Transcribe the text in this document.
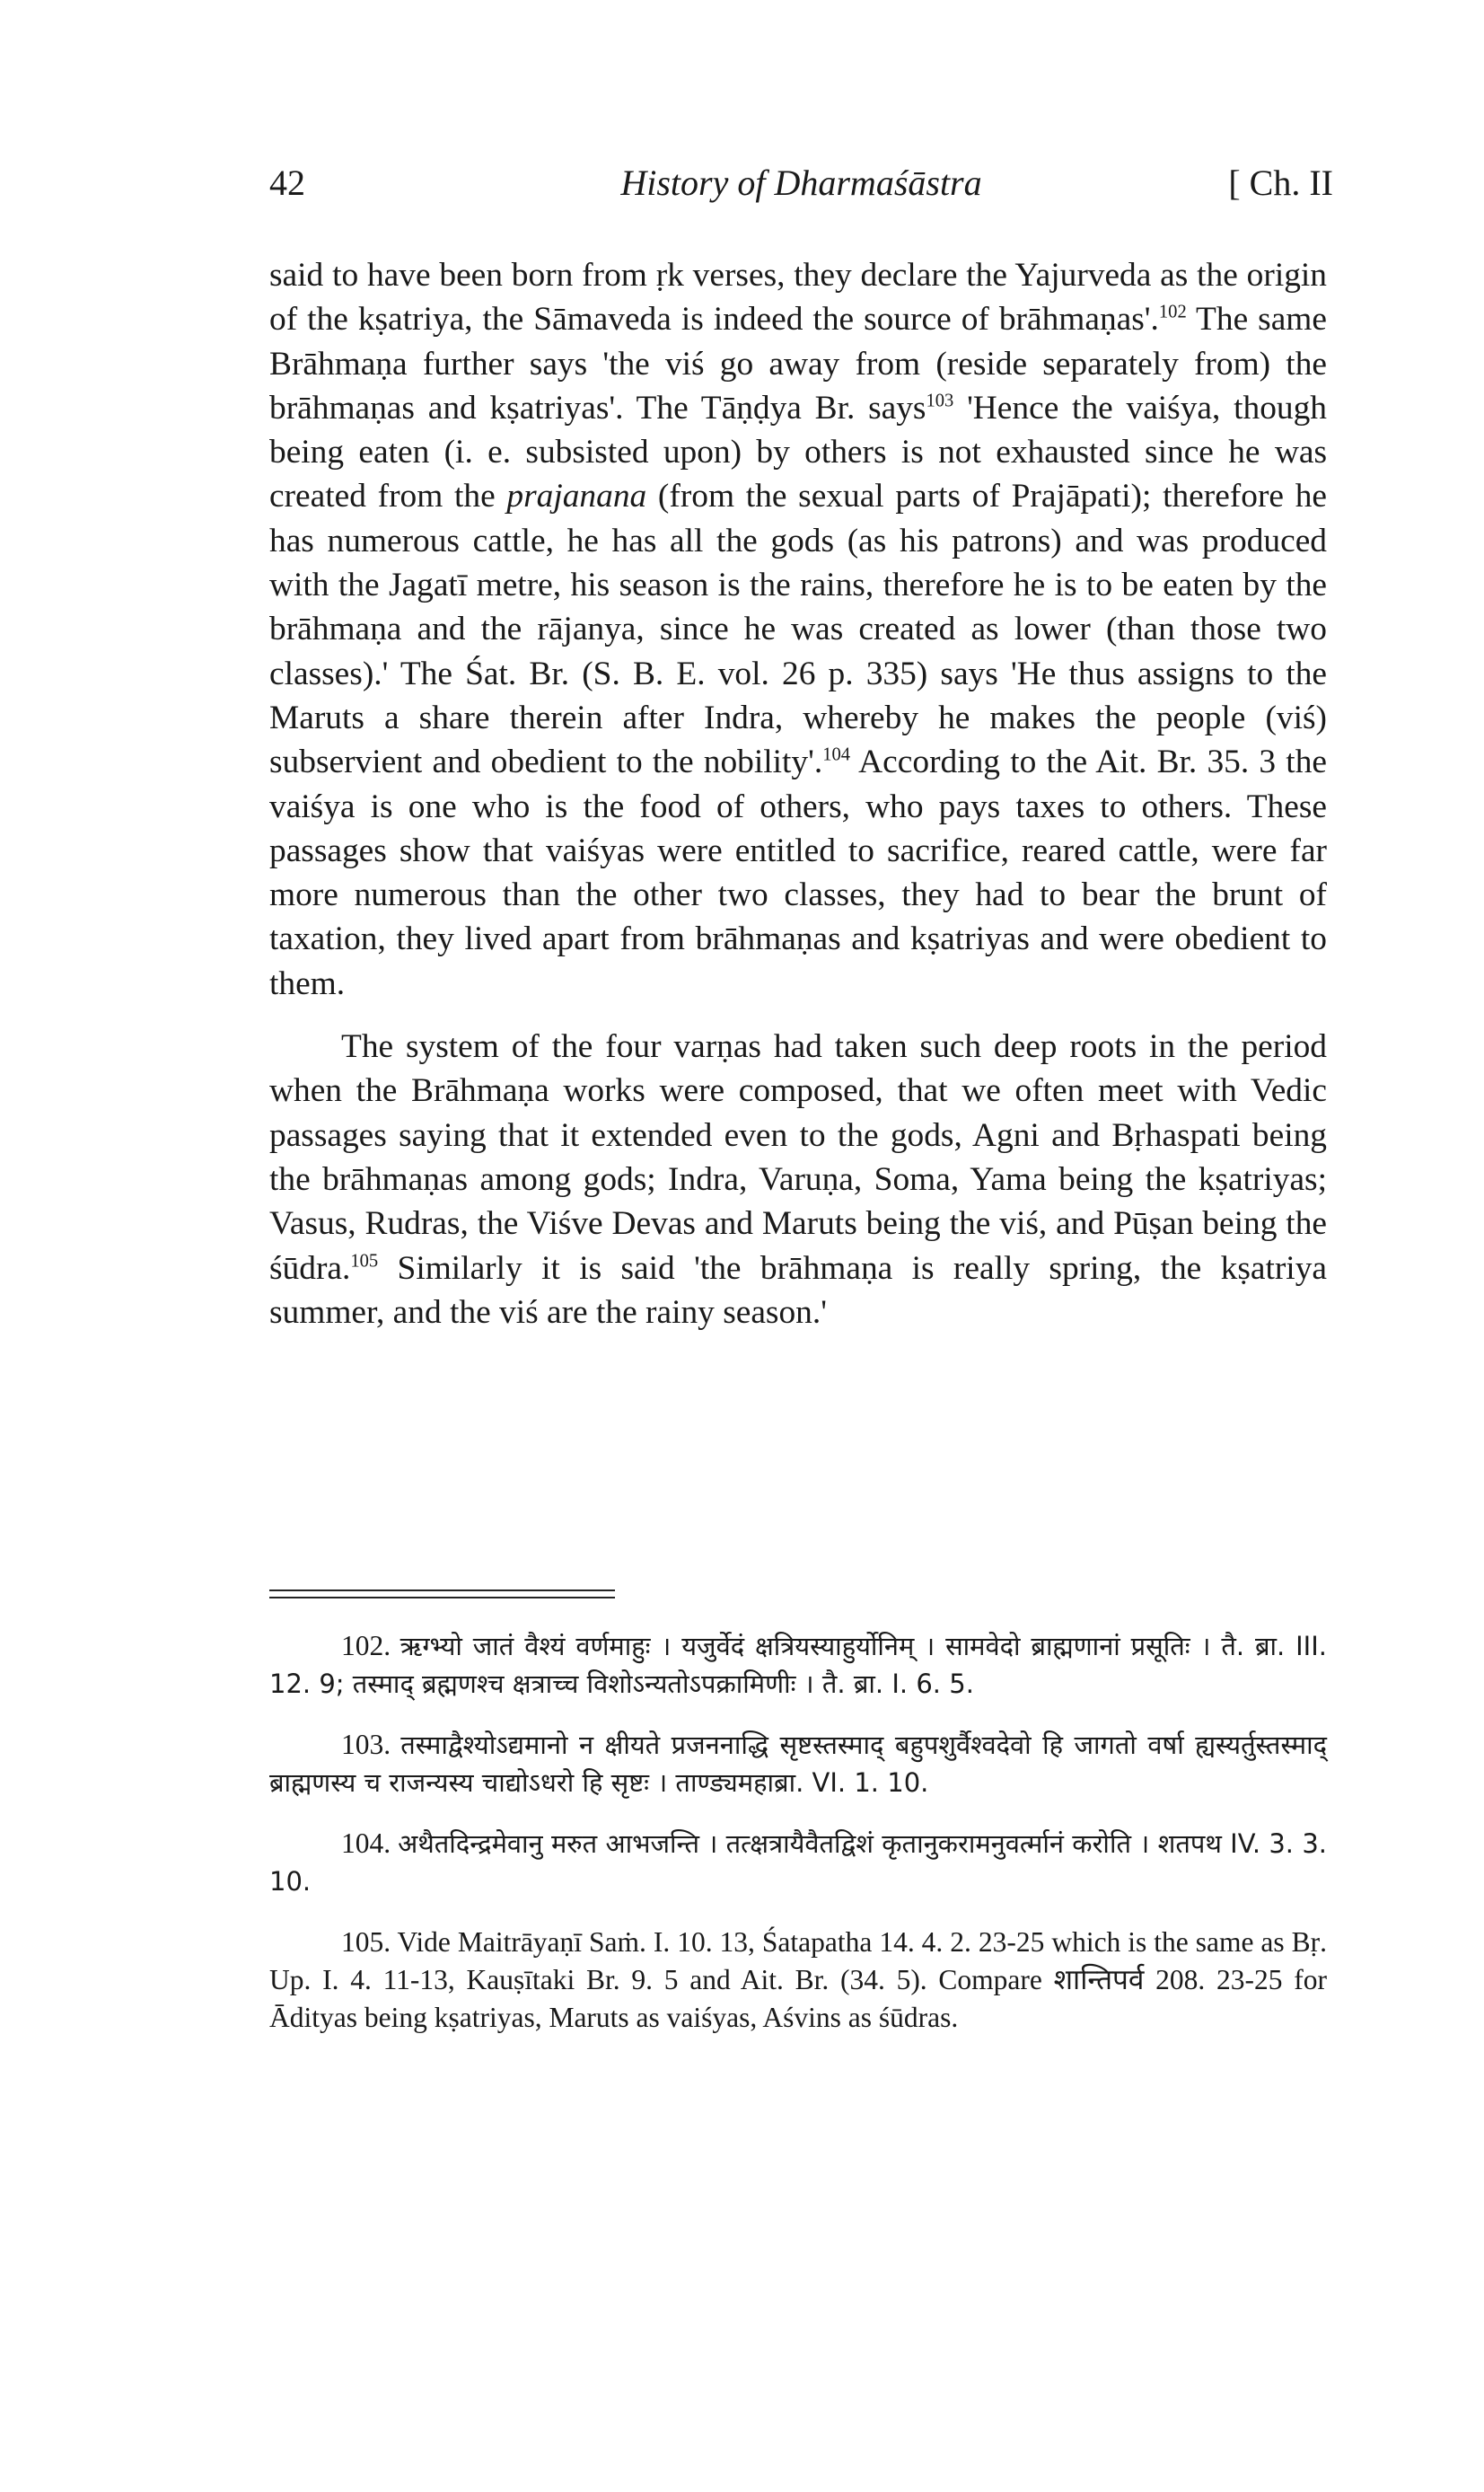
42	History of Dharmaśāstra	[ Ch. II

said to have been born from ṛk verses, they declare the Yajurveda as the origin of the kṣatriya, the Sāmaveda is indeed the source of brāhmaṇas'.$^{102}$ The same Brāhmaṇa further says 'the viś go away from (reside separately from) the brāhmaṇas and kṣatriyas'. The Tāṇḍya Br. says$^{103}$ 'Hence the vaiśya, though being eaten (i. e. subsisted upon) by others is not exhausted since he was created from the prajanana (from the sexual parts of Prajāpati); therefore he has numerous cattle, he has all the gods (as his patrons) and was produced with the Jagatī metre, his season is the rains, therefore he is to be eaten by the brāhmaṇa and the rājanya, since he was created as lower (than those two classes).' The Śat. Br. (S. B. E. vol. 26 p. 335) says 'He thus assigns to the Maruts a share therein after Indra, whereby he makes the people (viś) subservient and obedient to the nobility'.$^{104}$ According to the Ait. Br. 35. 3 the vaiśya is one who is the food of others, who pays taxes to others. These passages show that vaiśyas were entitled to sacrifice, reared cattle, were far more numerous than the other two classes, they had to bear the brunt of taxation, they lived apart from brāhmaṇas and kṣatriyas and were obedient to them.

The system of the four varṇas had taken such deep roots in the period when the Brāhmaṇa works were composed, that we often meet with Vedic passages saying that it extended even to the gods, Agni and Bṛhaspati being the brāhmaṇas among gods; Indra, Varuṇa, Soma, Yama being the kṣatriyas; Vasus, Rudras, the Viśve Devas and Maruts being the viś, and Pūṣan being the śūdra.$^{105}$ Similarly it is said 'the brāhmaṇa is really spring, the kṣatriya summer, and the viś are the rainy season.'

102. ऋग्भ्यो जातं वैश्यं वर्णमाहुः । यजुर्वेदं क्षत्रियस्याहुर्योनिम् । सामवेदो ब्राह्मणानां प्रसूतिः । तै. ब्रा. III. 12. 9; तस्माद् ब्रह्मणश्च क्षत्राच्च विशोऽन्यतोऽपक्रामिणीः । तै. ब्रा. I. 6. 5.

103. तस्माद्वैश्योऽद्यमानो न क्षीयते प्रजननाद्धि सृष्टस्तस्माद् बहुपशुर्वैश्वदेवो हि जागतो वर्षा ह्यस्यर्तुस्तस्माद् ब्राह्मणस्य च राजन्यस्य चाद्योऽधरो हि सृष्टः । ताण्ड्यमहाब्रा. VI. 1. 10.

104. अथैतदिन्द्रमेवानु मरुत आभजन्ति । तत्क्षत्रायैवैतद्विशं कृतानुकरामनुवर्त्मानं करोति । शतपथ IV. 3. 3. 10.

105. Vide Maitrāyaṇī Saṁ. I. 10. 13, Śatapatha 14. 4. 2. 23-25 which is the same as Bṛ. Up. I. 4. 11-13, Kauṣītaki Br. 9. 5 and Ait. Br. (34. 5). Compare शान्तिपर्व 208. 23-25 for Ādityas being kṣatriyas, Maruts as vaiśyas, Aśvins as śūdras.
